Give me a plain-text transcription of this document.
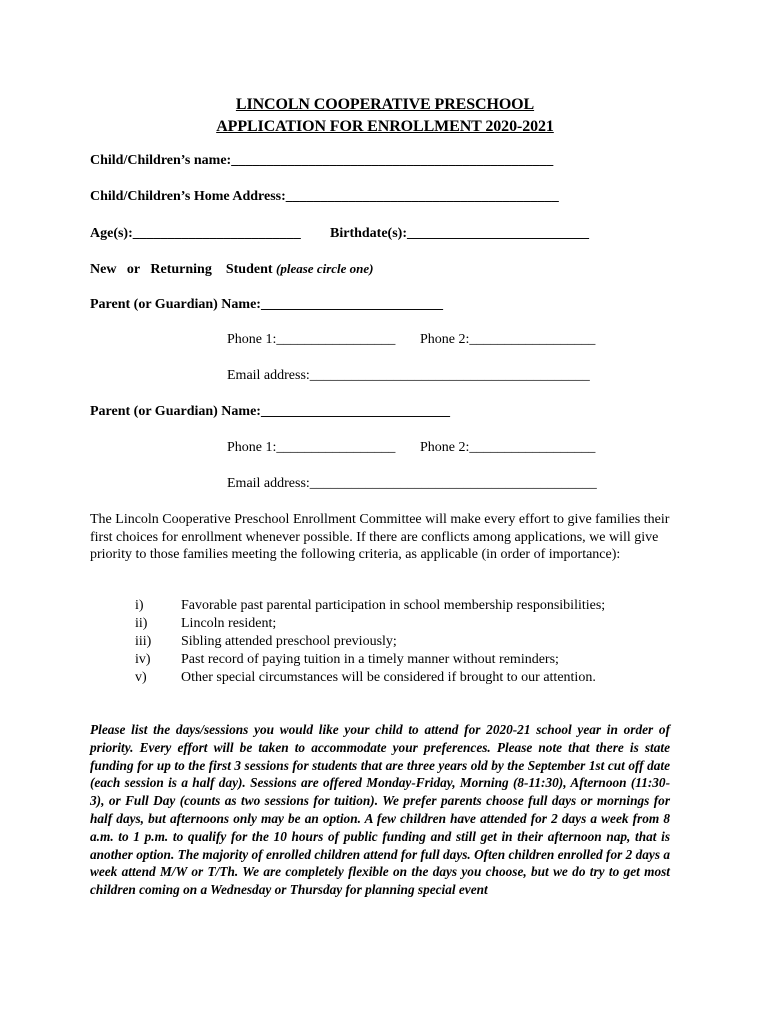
LINCOLN COOPERATIVE PRESCHOOL
APPLICATION FOR ENROLLMENT 2020-2021
Child/Children’s name:______________________________________________
Child/Children’s Home Address:_______________________________________
Age(s):________________________ Birthdate(s):__________________________
New   or   Returning    Student (please circle one)
Parent (or Guardian) Name:__________________________
Phone 1:_________________ Phone 2:__________________
Email address:________________________________________
Parent (or Guardian) Name:___________________________
Phone 1:_________________ Phone 2:__________________
Email address:_________________________________________
The Lincoln Cooperative Preschool Enrollment Committee will make every effort to give families their first choices for enrollment whenever possible. If there are conflicts among applications, we will give priority to those families meeting the following criteria, as applicable (in order of importance):
i)	Favorable past parental participation in school membership responsibilities;
ii)	Lincoln resident;
iii)	Sibling attended preschool previously;
iv)	Past record of paying tuition in a timely manner without reminders;
v)	Other special circumstances will be considered if brought to our attention.
Please list the days/sessions you would like your child to attend for 2020-21 school year in order of priority. Every effort will be taken to accommodate your preferences. Please note that there is state funding for up to the first 3 sessions for students that are three years old by the September 1st cut off date (each session is a half day). Sessions are offered Monday-Friday, Morning (8-11:30), Afternoon (11:30-3), or Full Day (counts as two sessions for tuition). We prefer parents choose full days or mornings for half days, but afternoons only may be an option. A few children have attended for 2 days a week from 8 a.m. to 1 p.m. to qualify for the 10 hours of public funding and still get in their afternoon nap, that is another option. The majority of enrolled children attend for full days. Often children enrolled for 2 days a week attend M/W or T/Th. We are completely flexible on the days you choose, but we do try to get most children coming on a Wednesday or Thursday for planning special event
